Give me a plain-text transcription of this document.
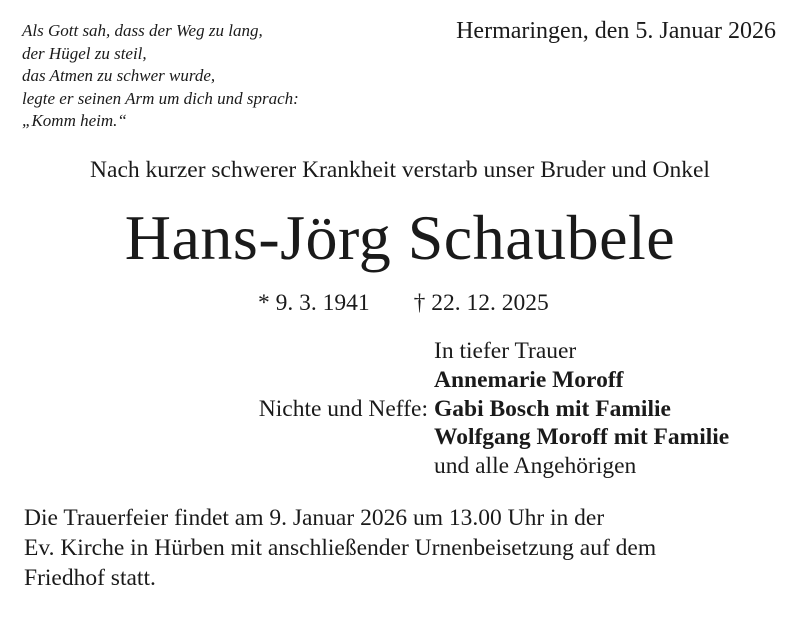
Als Gott sah, dass der Weg zu lang,
der Hügel zu steil,
das Atmen zu schwer wurde,
legte er seinen Arm um dich und sprach:
„Komm heim.“
Hermaringen, den 5. Januar 2026
Nach kurzer schwerer Krankheit verstarb unser Bruder und Onkel
Hans-Jörg Schaubele
* 9. 3. 1941 † 22. 12. 2025
In tiefer Trauer
Annemarie Moroff
Nichte und Neffe: Gabi Bosch mit Familie
Wolfgang Moroff mit Familie
und alle Angehörigen
Die Trauerfeier findet am 9. Januar 2026 um 13.00 Uhr in der
Ev. Kirche in Hürben mit anschließender Urnenbeisetzung auf dem
Friedhof statt.
